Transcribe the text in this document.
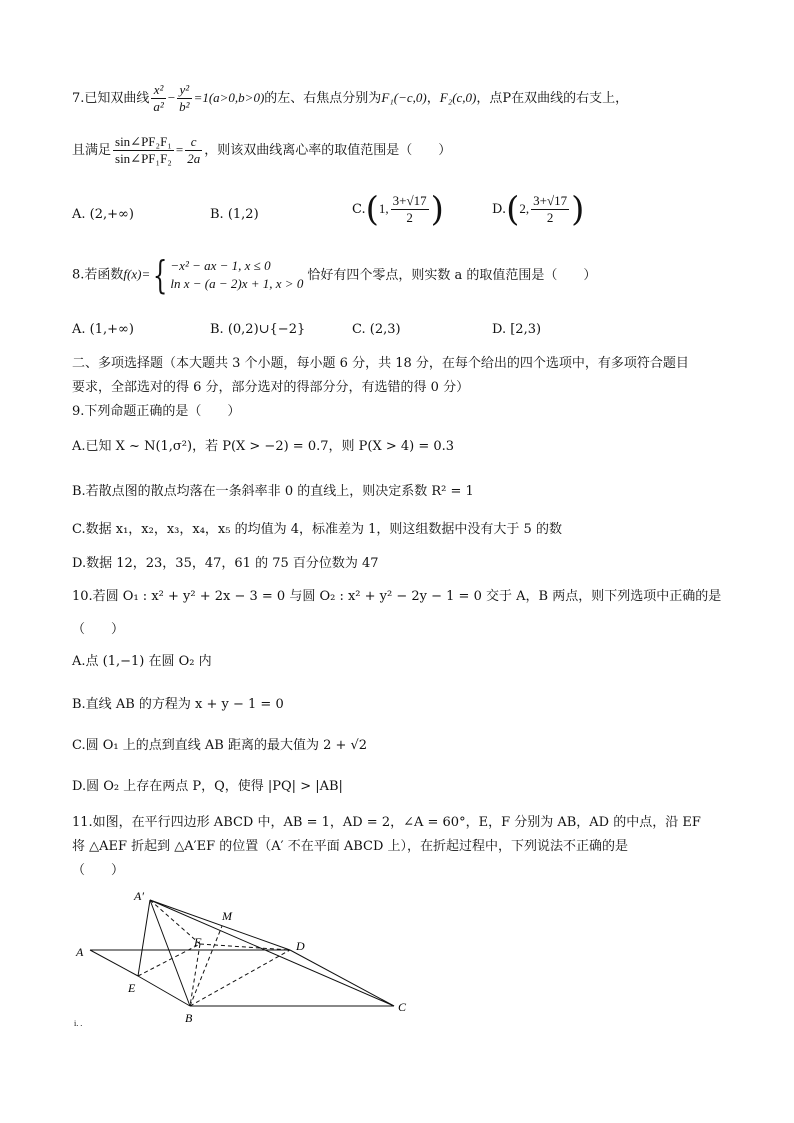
7.已知双曲线 $\frac{\text{x²}}{\text{a²}} - \frac{\text{y²}}{\text{b²}} =1(a>0,b>0)$的左、右焦点分别为F₁(−c,0)，F₂(c,0)，点P在双曲线的右支上，
且满足 $\frac{\text{sin∠PF₂F₁}}{\text{sin∠PF₁F₂}} = \frac{c}{2a}$ ，则该双曲线离心率的取值范围是（　　）
A. (2,+∞)	B. (1,2)	C.(1, $\frac{3+√17}{2}$ )	D.(2, $\frac{3+√17}{2}$ )
8.若函数f(x)={ −x² − ax − 1, x ≤ 0
ln x − (a − 2)x + 1, x > 0
恰好有四个零点，则实数 a 的取值范围是（　　）
A. (1,+∞)	B. (0,2)∪{−2}	C. (2,3)	D. [2,3)
二、多项选择题（本大题共 3 个小题，每小题 6 分，共 18 分，在每个给出的四个选项中，有多项符合题目
要求，全部选对的得 6 分，部分选对的得部分分，有选错的得 0 分）
9.下列命题正确的是（　　）
A.已知 X ~ N(1,σ²)，若 P(X > −2) = 0.7，则 P(X > 4) = 0.3
B.若散点图的散点均落在一条斜率非 0 的直线上，则决定系数 R² = 1
C.数据 x₁，x₂，x₃，x₄，x₅ 的均值为 4，标准差为 1，则这组数据中没有大于 5 的数
D.数据 12，23，35，47，61 的 75 百分位数为 47
10.若圆 O₁ : x² + y² + 2x − 3 = 0 与圆 O₂ : x² + y² − 2y − 1 = 0 交于 A，B 两点，则下列选项中正确的是
（　　）
A.点 (1,−1) 在圆 O₂ 内
B.直线 AB 的方程为 x + y − 1 = 0
C.圆 O₁ 上的点到直线 AB 距离的最大值为 2 + √2
D.圆 O₂ 上存在两点 P，Q，使得 |PQ| > |AB|
11.如图，在平行四边形 ABCD 中，AB = 1，AD = 2，∠A = 60°，E，F 分别为 AB，AD 的中点，沿 EF
将 △AEF 折起到 △A′EF 的位置（A′ 不在平面 ABCD 上），在折起过程中，下列说法不正确的是
（　　）
A′
A
E
B
C
D
F
M
i. .
